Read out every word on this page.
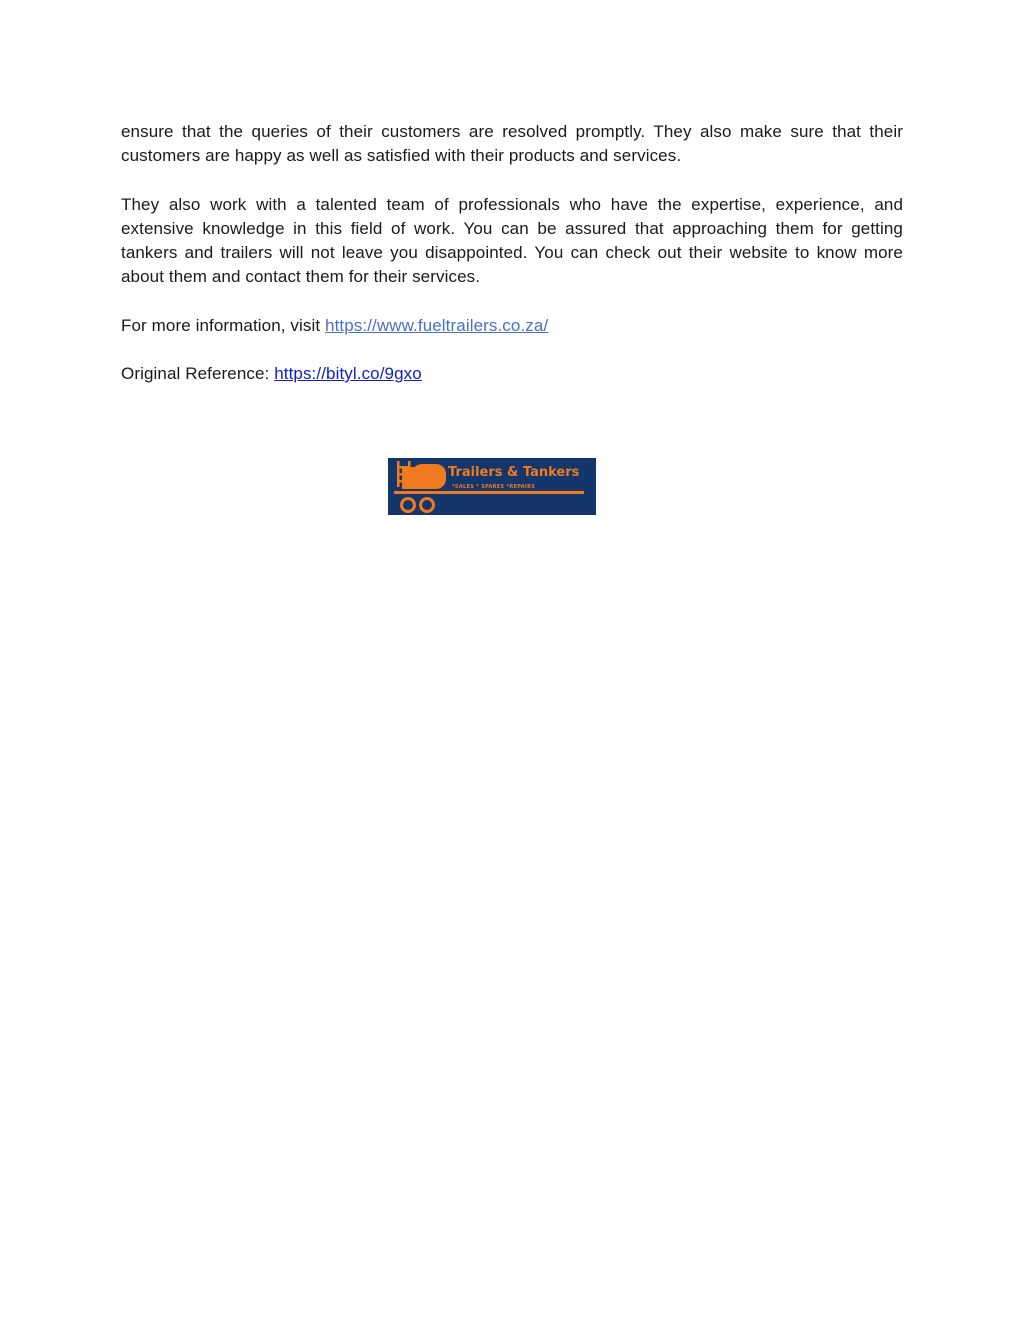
ensure that the queries of their customers are resolved promptly. They also make sure that their customers are happy as well as satisfied with their products and services.

They also work with a talented team of professionals who have the expertise, experience, and extensive knowledge in this field of work. You can be assured that approaching them for getting tankers and trailers will not leave you disappointed. You can check out their website to know more about them and contact them for their services.

For more information, visit https://www.fueltrailers.co.za/

Original Reference: https://bityl.co/9gxo

Trailers & Tankers
*SALES * SPARES *REPAIRS
